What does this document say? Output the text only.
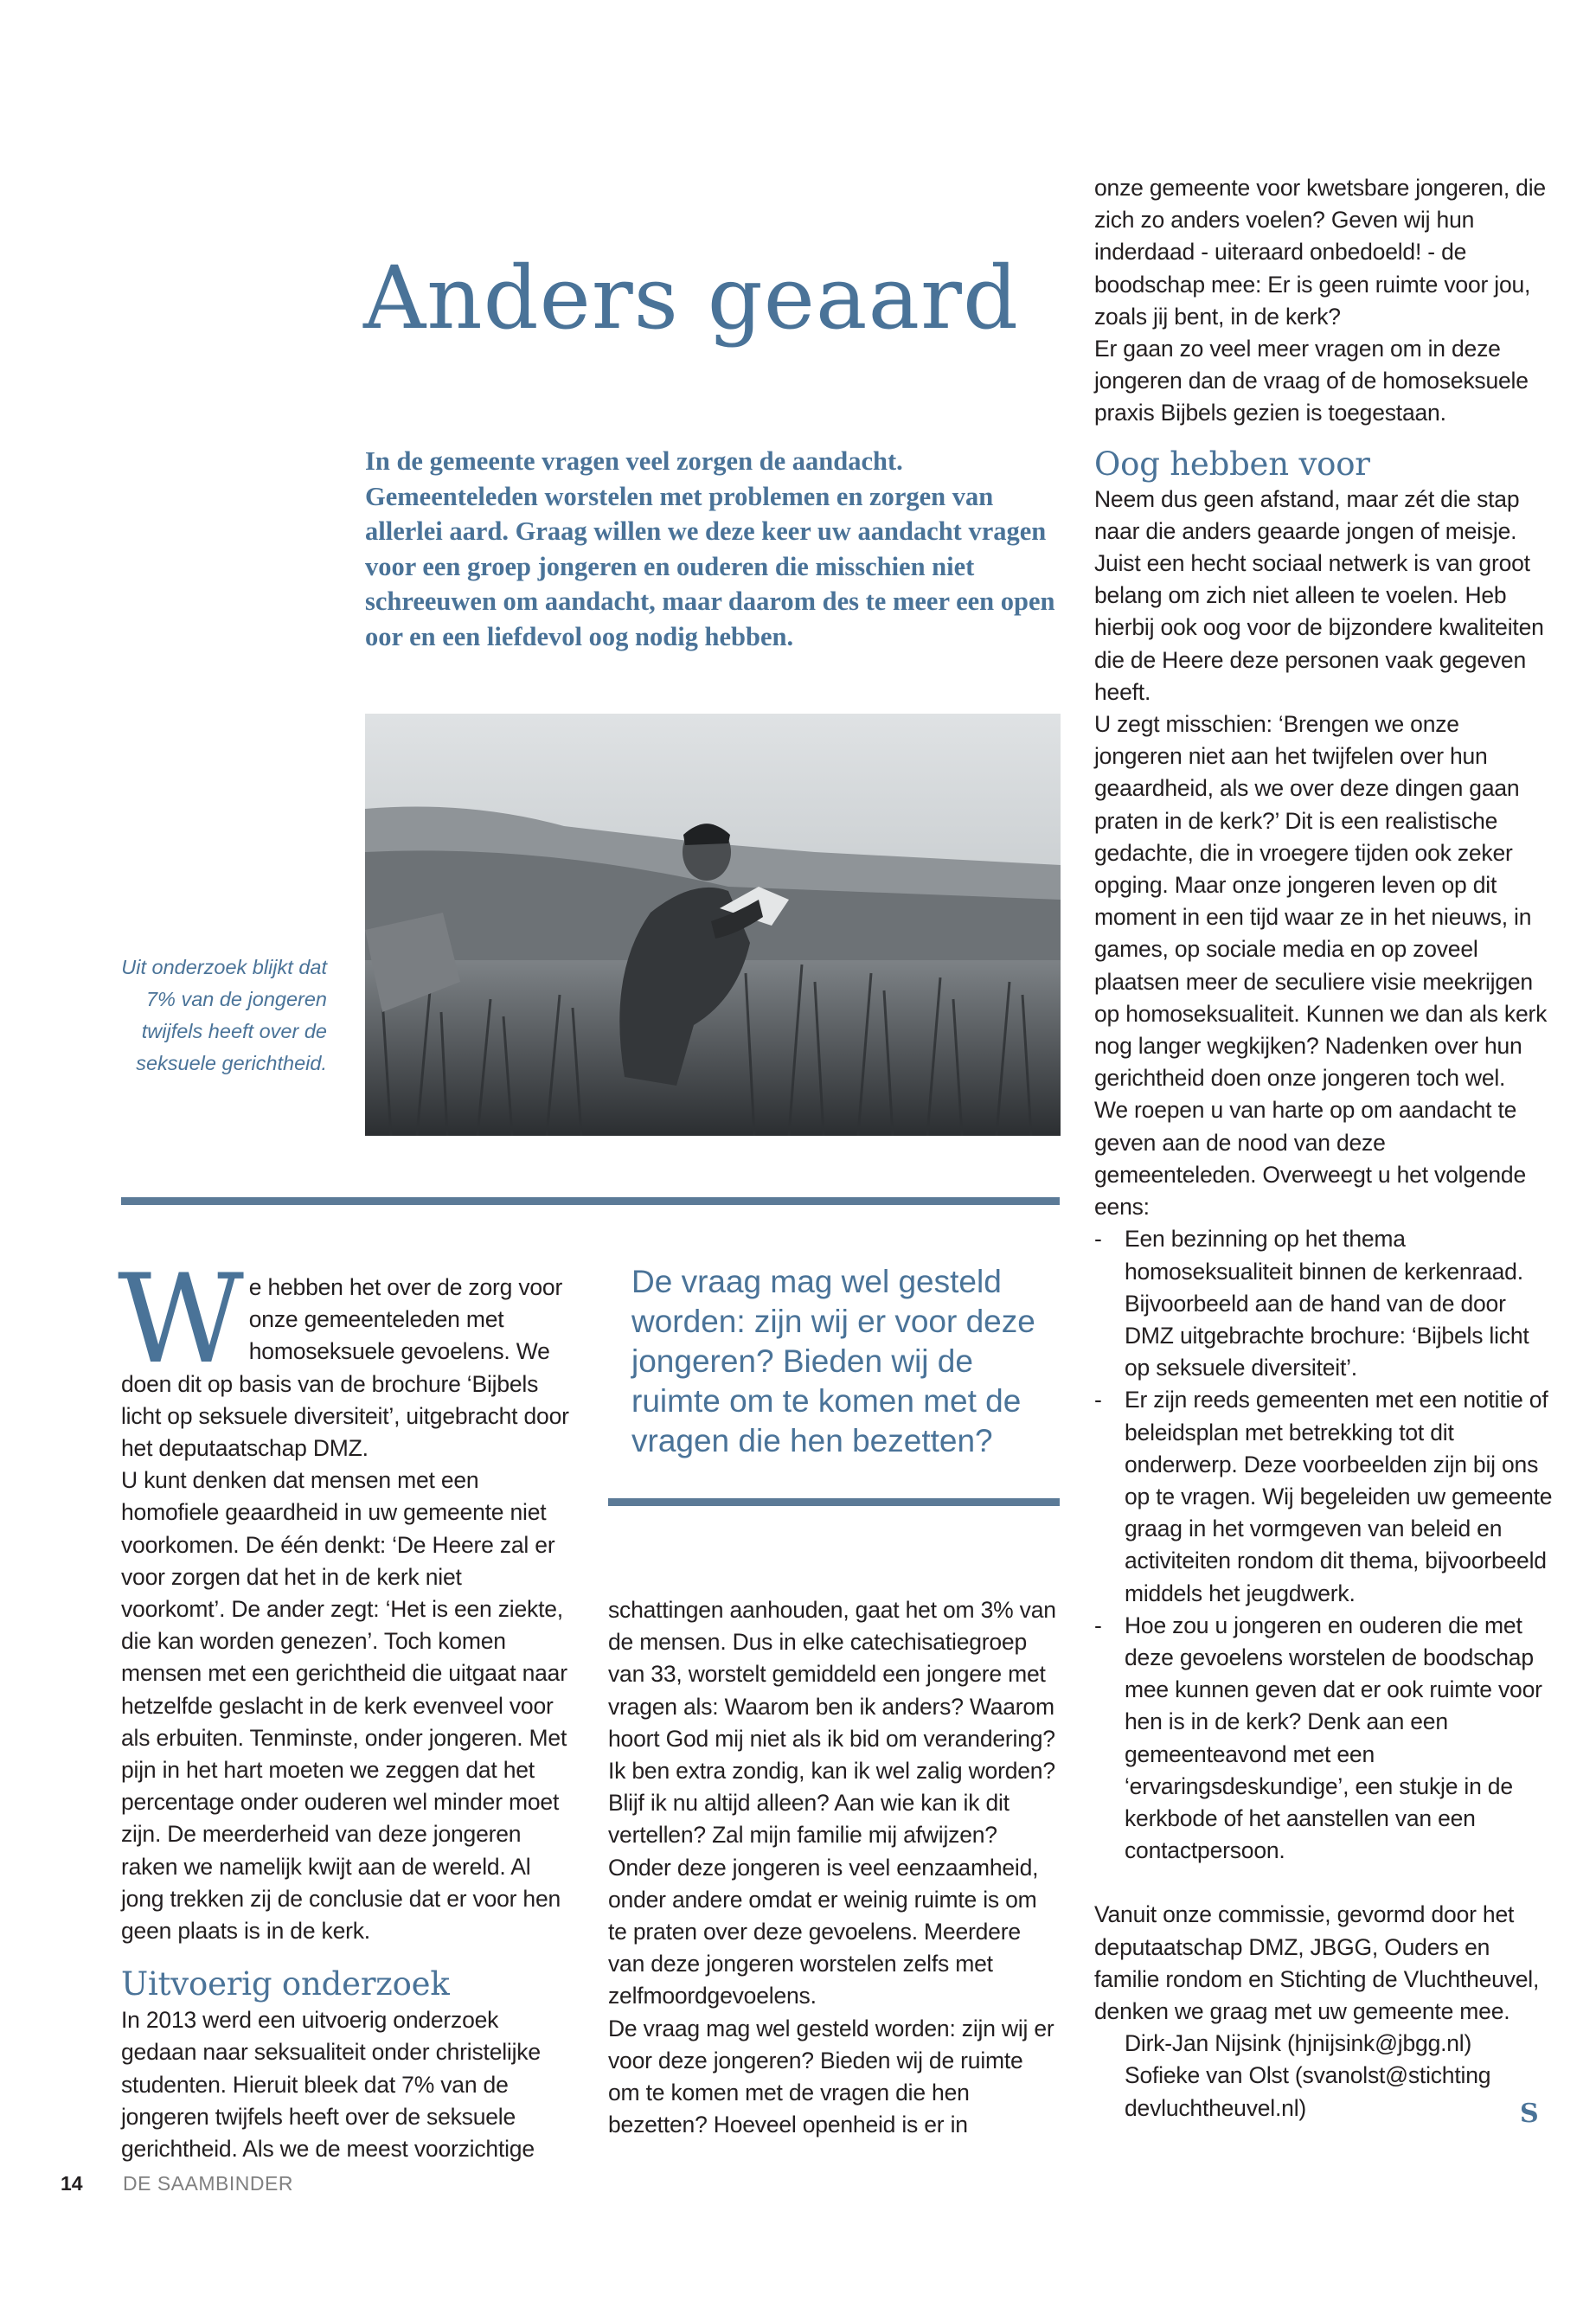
Anders geaard

In de gemeente vragen veel zorgen de aandacht. Gemeenteleden worstelen met problemen en zorgen van allerlei aard. Graag willen we deze keer uw aandacht vragen voor een groep jongeren en ouderen die misschien niet schreeuwen om aandacht, maar daarom des te meer een open oor en een liefdevol oog nodig hebben.

Uit onderzoek blijkt dat 7% van de jongeren twijfels heeft over de seksuele gerichtheid.

We hebben het over de zorg voor onze gemeenteleden met homoseksuele gevoelens. We doen dit op basis van de brochure ‘Bijbels licht op seksuele diversiteit’, uitgebracht door het deputaatschap DMZ.

U kunt denken dat mensen met een homofiele geaardheid in uw gemeente niet voorkomen. De één denkt: ‘De Heere zal er voor zorgen dat het in de kerk niet voorkomt’. De ander zegt: ‘Het is een ziekte, die kan worden genezen’. Toch komen mensen met een gerichtheid die uitgaat naar hetzelfde geslacht in de kerk evenveel voor als erbuiten. Tenminste, onder jongeren. Met pijn in het hart moeten we zeggen dat het percentage onder ouderen wel minder moet zijn. De meerderheid van deze jongeren raken we namelijk kwijt aan de wereld. Al jong trekken zij de conclusie dat er voor hen geen plaats is in de kerk.

Uitvoerig onderzoek

In 2013 werd een uitvoerig onderzoek gedaan naar seksualiteit onder christelijke studenten. Hieruit bleek dat 7% van de jongeren twijfels heeft over de seksuele gerichtheid. Als we de meest voorzichtige

De vraag mag wel gesteld worden: zijn wij er voor deze jongeren? Bieden wij de ruimte om te komen met de vragen die hen bezetten?

schattingen aanhouden, gaat het om 3% van de mensen. Dus in elke catechisatiegroep van 33, worstelt gemiddeld een jongere met vragen als: Waarom ben ik anders? Waarom hoort God mij niet als ik bid om verandering? Ik ben extra zondig, kan ik wel zalig worden? Blijf ik nu altijd alleen? Aan wie kan ik dit vertellen? Zal mijn familie mij afwijzen?

Onder deze jongeren is veel eenzaamheid, onder andere omdat er weinig ruimte is om te praten over deze gevoelens. Meerdere van deze jongeren worstelen zelfs met zelfmoordgevoelens.

De vraag mag wel gesteld worden: zijn wij er voor deze jongeren? Bieden wij de ruimte om te komen met de vragen die hen bezetten? Hoeveel openheid is er in

onze gemeente voor kwetsbare jongeren, die zich zo anders voelen? Geven wij hun inderdaad - uiteraard onbedoeld! - de boodschap mee: Er is geen ruimte voor jou, zoals jij bent, in de kerk?

Er gaan zo veel meer vragen om in deze jongeren dan de vraag of de homoseksuele praxis Bijbels gezien is toegestaan.

Oog hebben voor

Neem dus geen afstand, maar zét die stap naar die anders geaarde jongen of meisje. Juist een hecht sociaal netwerk is van groot belang om zich niet alleen te voelen. Heb hierbij ook oog voor de bijzondere kwaliteiten die de Heere deze personen vaak gegeven heeft.

U zegt misschien: ‘Brengen we onze jongeren niet aan het twijfelen over hun geaardheid, als we over deze dingen gaan praten in de kerk?’ Dit is een realistische gedachte, die in vroegere tijden ook zeker opging. Maar onze jongeren leven op dit moment in een tijd waar ze in het nieuws, in games, op sociale media en op zoveel plaatsen meer de seculiere visie meekrijgen op homoseksualiteit. Kunnen we dan als kerk nog langer wegkijken? Nadenken over hun gerichtheid doen onze jongeren toch wel.

We roepen u van harte op om aandacht te geven aan de nood van deze gemeenteleden. Overweegt u het volgende eens:

- Een bezinning op het thema homoseksualiteit binnen de kerkenraad. Bijvoorbeeld aan de hand van de door DMZ uitgebrachte brochure: ‘Bijbels licht op seksuele diversiteit’.
- Er zijn reeds gemeenten met een notitie of beleidsplan met betrekking tot dit onderwerp. Deze voorbeelden zijn bij ons op te vragen. Wij begeleiden uw gemeente graag in het vormgeven van beleid en activiteiten rondom dit thema, bijvoorbeeld middels het jeugdwerk.
- Hoe zou u jongeren en ouderen die met deze gevoelens worstelen de boodschap mee kunnen geven dat er ook ruimte voor hen is in de kerk? Denk aan een gemeenteavond met een ‘ervaringsdeskundige’, een stukje in de kerkbode of het aanstellen van een contactpersoon.

Vanuit onze commissie, gevormd door het deputaatschap DMZ, JBGG, Ouders en familie rondom en Stichting de Vluchtheuvel, denken we graag met uw gemeente mee.

Dirk-Jan Nijsink (hjnijsink@jbgg.nl)

Sofieke van Olst (svanolst@stichting devluchtheuvel.nl)	S
14 DE SAAMBINDER
